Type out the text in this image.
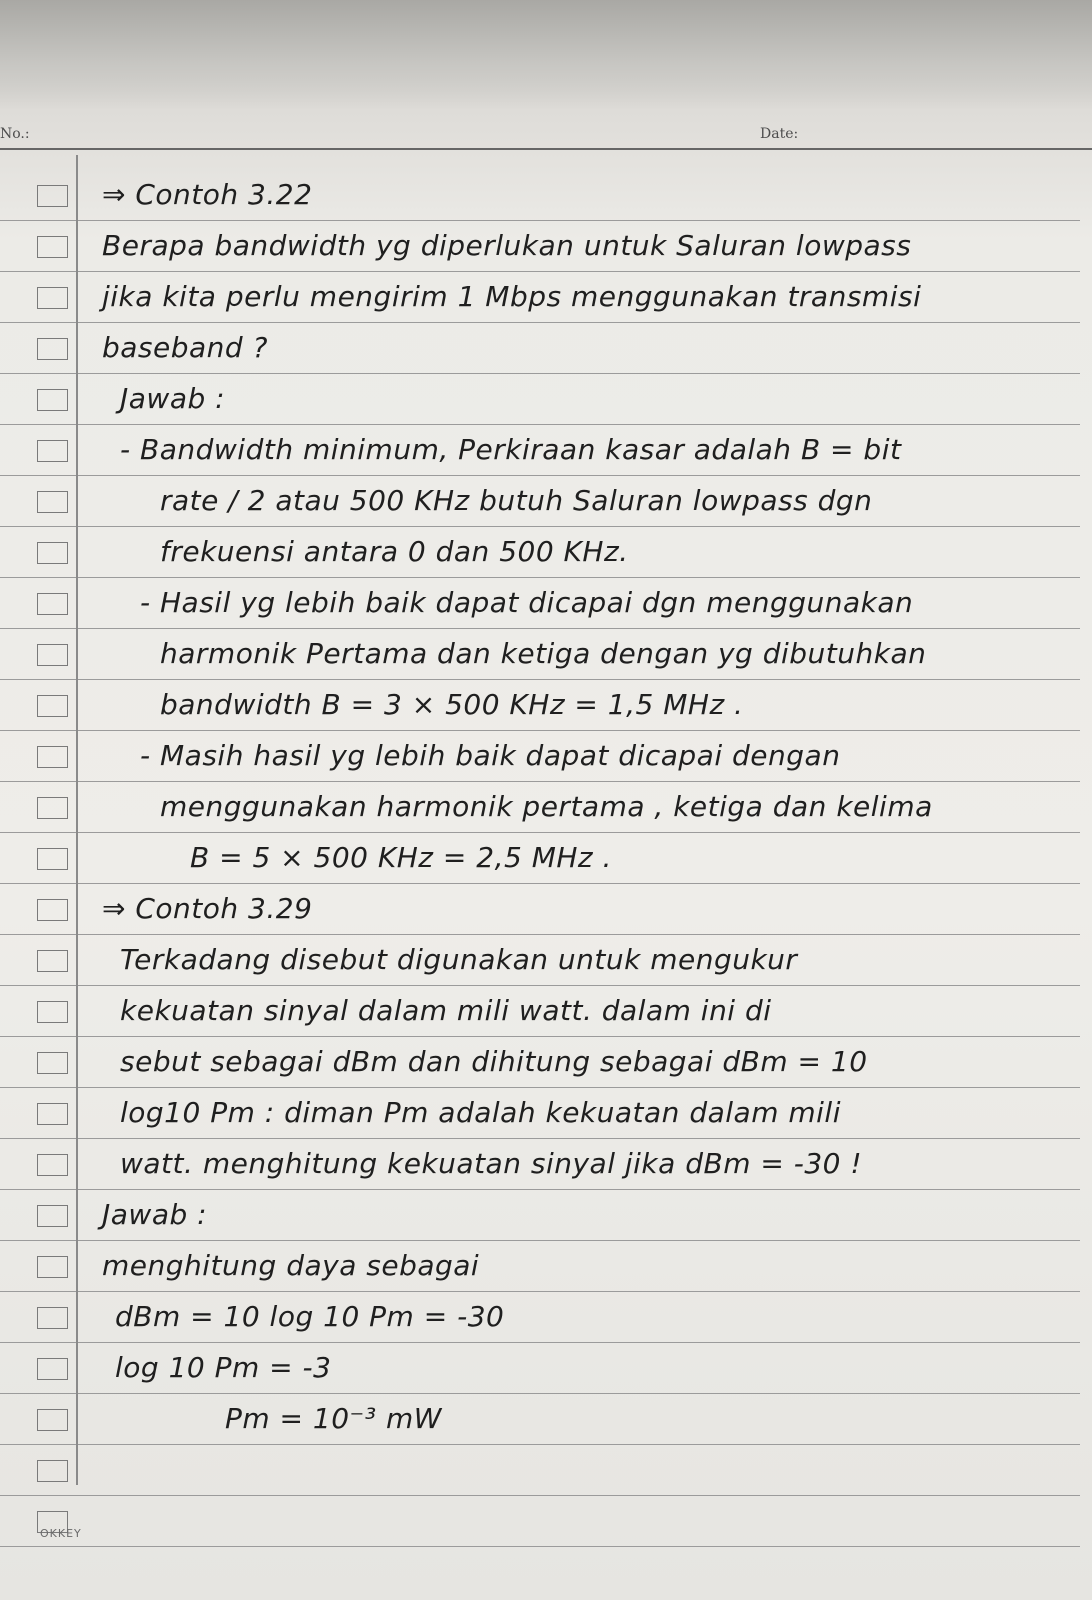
No.:	Date:
⇒ Contoh 3.22
Berapa bandwidth yg diperlukan untuk Saluran lowpass
jika kita perlu mengirim 1 Mbps menggunakan transmisi
baseband ?
Jawab :
- Bandwidth minimum, Perkiraan kasar adalah B = bit
rate / 2 atau 500 KHz butuh Saluran lowpass dgn
frekuensi antara 0 dan 500 KHz.
- Hasil yg lebih baik dapat dicapai dgn menggunakan
harmonik Pertama dan ketiga dengan yg dibutuhkan
bandwidth B = 3 × 500 KHz = 1,5 MHz .
- Masih hasil yg lebih baik dapat dicapai dengan
menggunakan harmonik pertama , ketiga dan kelima
B = 5 × 500 KHz = 2,5 MHz .
⇒ Contoh 3.29
Terkadang disebut digunakan untuk mengukur
kekuatan sinyal dalam mili watt. dalam ini di
sebut sebagai dBm dan dihitung sebagai dBm = 10
log10 Pm : diman Pm adalah kekuatan dalam mili
watt. menghitung kekuatan sinyal jika dBm = -30 !
Jawab :
menghitung daya sebagai
dBm = 10 log 10 Pm = -30
log 10 Pm = -3
Pm = 10⁻³ mW
OKKEY
